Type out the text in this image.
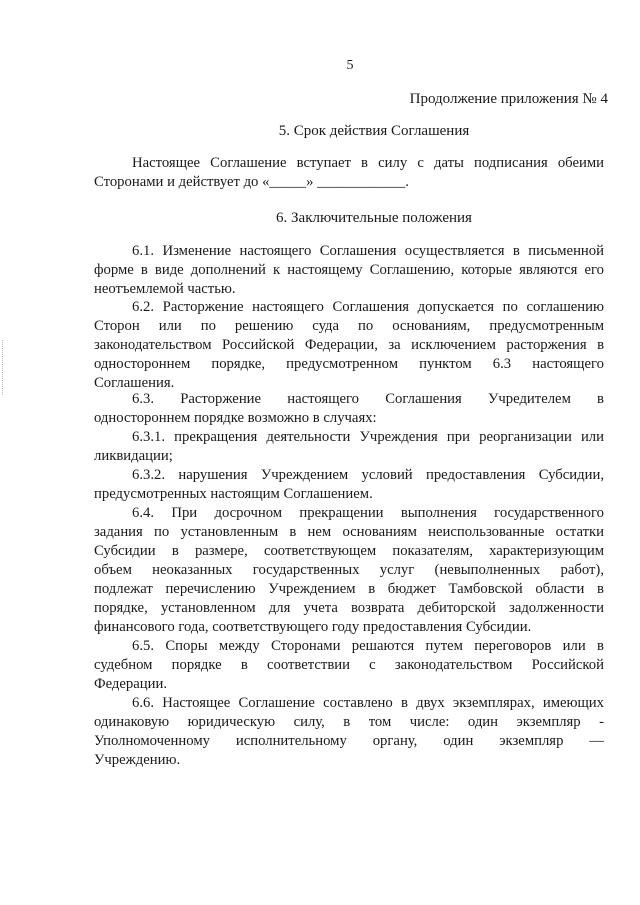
5
Продолжение приложения № 4
5. Срок действия Соглашения
Настоящее Соглашение вступает в силу с даты подписания обеими
Сторонами и действует до «_____» ____________.
6. Заключительные положения
6.1. Изменение настоящего Соглашения осуществляется в письменной
форме в виде дополнений к настоящему Соглашению, которые являются его
неотъемлемой частью.
6.2. Расторжение настоящего Соглашения допускается по соглашению
Сторон или по решению суда по основаниям, предусмотренным
законодательством Российской Федерации, за исключением расторжения в
одностороннем порядке, предусмотренном пунктом 6.3 настоящего
Соглашения.
6.3. Расторжение настоящего Соглашения Учредителем в
одностороннем порядке возможно в случаях:
6.3.1. прекращения деятельности Учреждения при реорганизации или
ликвидации;
6.3.2. нарушения Учреждением условий предоставления Субсидии,
предусмотренных настоящим Соглашением.
6.4. При досрочном прекращении выполнения государственного
задания по установленным в нем основаниям неиспользованные остатки
Субсидии в размере, соответствующем показателям, характеризующим
объем неоказанных государственных услуг (невыполненных работ),
подлежат перечислению Учреждением в бюджет Тамбовской области в
порядке, установленном для учета возврата дебиторской задолженности
финансового года, соответствующего году предоставления Субсидии.
6.5. Споры между Сторонами решаются путем переговоров или в
судебном порядке в соответствии с законодательством Российской
Федерации.
6.6. Настоящее Соглашение составлено в двух экземплярах, имеющих
одинаковую юридическую силу, в том числе: один экземпляр -
Уполномоченному исполнительному органу, один экземпляр —
Учреждению.
